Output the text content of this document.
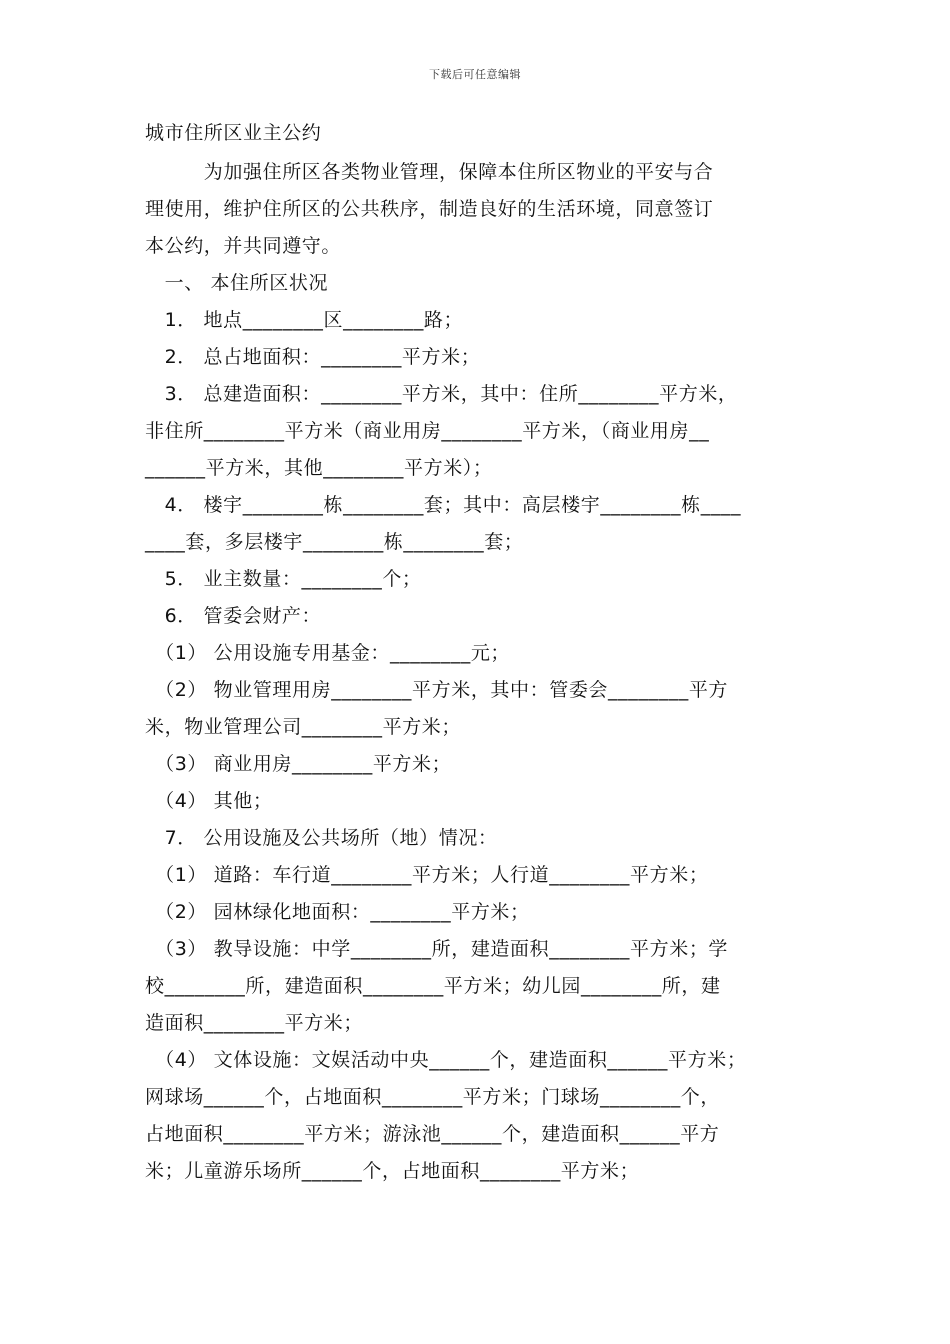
下载后可任意编辑
城市住所区业主公约
　　　为加强住所区各类物业管理，保障本住所区物业的平安与合
理使用，维护住所区的公共秩序，制造良好的生活环境，同意签订
本公约，并共同遵守。
　一、 本住所区状况
　1． 地点________区________路；
　2． 总占地面积：________平方米；
　3． 总建造面积：________平方米，其中：住所________平方米，
非住所________平方米（商业用房________平方米，（商业用房__
______平方米，其他________平方米）；
　4． 楼宇________栋________套；其中：高层楼宇________栋____
____套，多层楼宇________栋________套；
　5． 业主数量：________个；
　6． 管委会财产：
　（1） 公用设施专用基金：________元；
　（2） 物业管理用房________平方米，其中：管委会________平方
米，物业管理公司________平方米；
　（3） 商业用房________平方米；
　（4） 其他；
　7． 公用设施及公共场所（地）情况：
　（1） 道路：车行道________平方米；人行道________平方米；
　（2） 园林绿化地面积：________平方米；
　（3） 教导设施：中学________所，建造面积________平方米；学
校________所，建造面积________平方米；幼儿园________所，建
造面积________平方米；
　（4） 文体设施：文娱活动中央______个，建造面积______平方米；
网球场______个，占地面积________平方米；门球场________个，
占地面积________平方米；游泳池______个，建造面积______平方
米；儿童游乐场所______个，占地面积________平方米；
